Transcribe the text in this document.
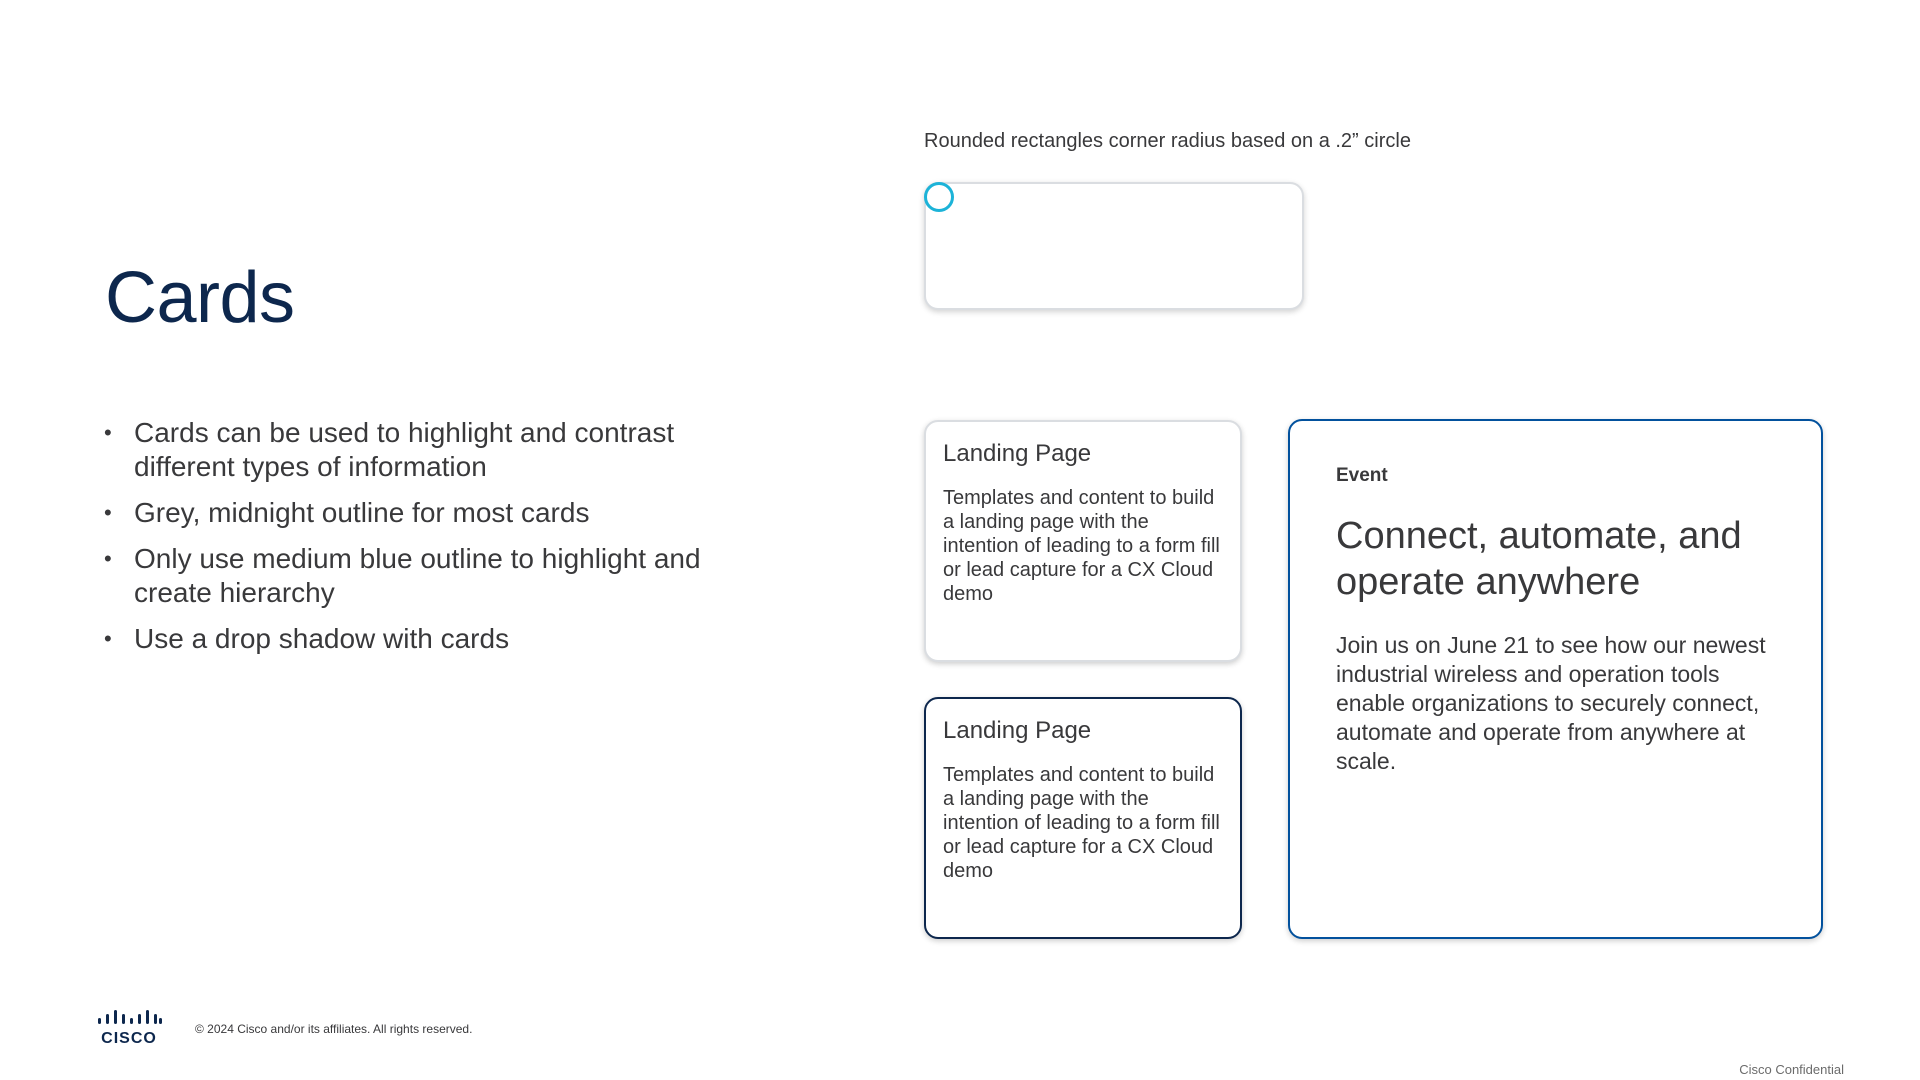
Cards
• Cards can be used to highlight and contrast different types of information
• Grey, midnight outline for most cards
• Only use medium blue outline to highlight and create hierarchy
• Use a drop shadow with cards
Rounded rectangles corner radius based on a .2” circle
Landing Page
Templates and content to build a landing page with the intention of leading to a form fill or lead capture for a CX Cloud demo
Landing Page
Templates and content to build a landing page with the intention of leading to a form fill or lead capture for a CX Cloud demo
Event
Connect, automate, and operate anywhere
Join us on June 21 to see how our newest industrial wireless and operation tools enable organizations to securely connect, automate and operate from anywhere at scale.
CISCO
© 2024 Cisco and/or its affiliates. All rights reserved.
Cisco Confidential
